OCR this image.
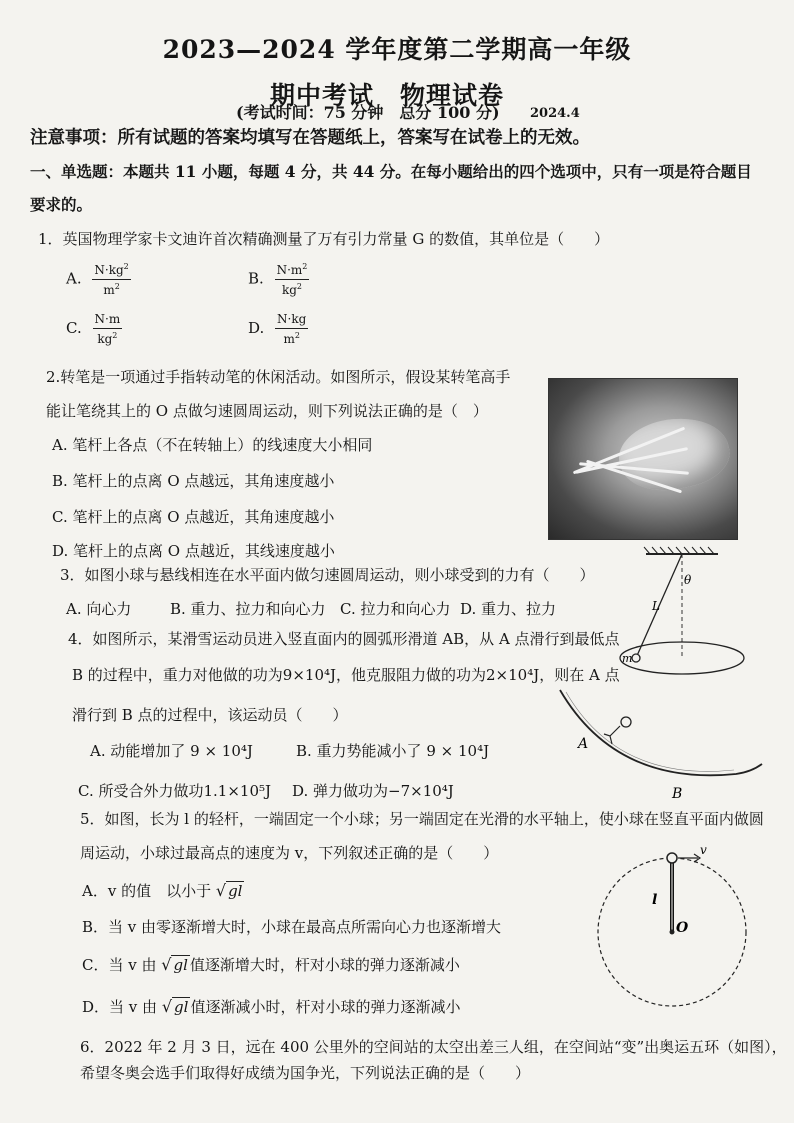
2023—2024 学年度第二学期高一年级
期中考试 物理试卷
(考试时间：75 分钟　总分 100 分) 2024.4
注意事项：所有试题的答案均填写在答题纸上，答案写在试卷上的无效。
一、单选题：本题共 11 小题，每题 4 分，共 44 分。在每小题给出的四个选项中，只有一项是符合题目
要求的。
1．英国物理学家卡文迪许首次精确测量了万有引力常量 G 的数值，其单位是（　　）
A. $\frac{N\cdot kg^2}{m^2}$	B. $\frac{N\cdot m^2}{kg^2}$
C. $\frac{N\cdot m}{kg^2}$	D. $\frac{N\cdot kg}{m^2}$
2.转笔是一项通过手指转动笔的休闲活动。如图所示，假设某转笔高手
能让笔绕其上的 O 点做匀速圆周运动，则下列说法正确的是（　）
A. 笔杆上各点（不在转轴上）的线速度大小相同
B. 笔杆上的点离 O 点越远，其角速度越小
C. 笔杆上的点离 O 点越近，其角速度越小
D. 笔杆上的点离 O 点越近，其线速度越小
3．如图小球与悬线相连在水平面内做匀速圆周运动，则小球受到的力有（　　）
A. 向心力	B. 重力、拉力和向心力 C. 拉力和向心力 D. 重力、拉力
θ
L
m
4．如图所示，某滑雪运动员进入竖直面内的圆弧形滑道 AB，从 A 点滑行到最低点
B 的过程中，重力对他做的功为9×10⁴J，他克服阻力做的功为2×10⁴J，则在 A 点
滑行到 B 点的过程中，该运动员（　　）
A. 动能增加了 9 × 10⁴J	B. 重力势能减小了 9 × 10⁴J
C. 所受合外力做功1.1×10⁵J D. 弹力做功为−7×10⁴J
A
B
5．如图，长为 l 的轻杆，一端固定一个小球；另一端固定在光滑的水平轴上，使小球在竖直平面内做圆
周运动，小球过最高点的速度为 v，下列叙述正确的是（　　）
A．v 的值　以小于 √ gl
B．当 v 由零逐渐增大时，小球在最高点所需向心力也逐渐增大
C．当 v 由 √ gl 值逐渐增大时，杆对小球的弹力逐渐减小
D．当 v 由 √ gl 值逐渐减小时，杆对小球的弹力逐渐减小
v
l
O
6．2022 年 2 月 3 日，远在 400 公里外的空间站的太空出差三人组，在空间站“变”出奥运五环（如图），
希望冬奥会选手们取得好成绩为国争光，下列说法正确的是（　　）
